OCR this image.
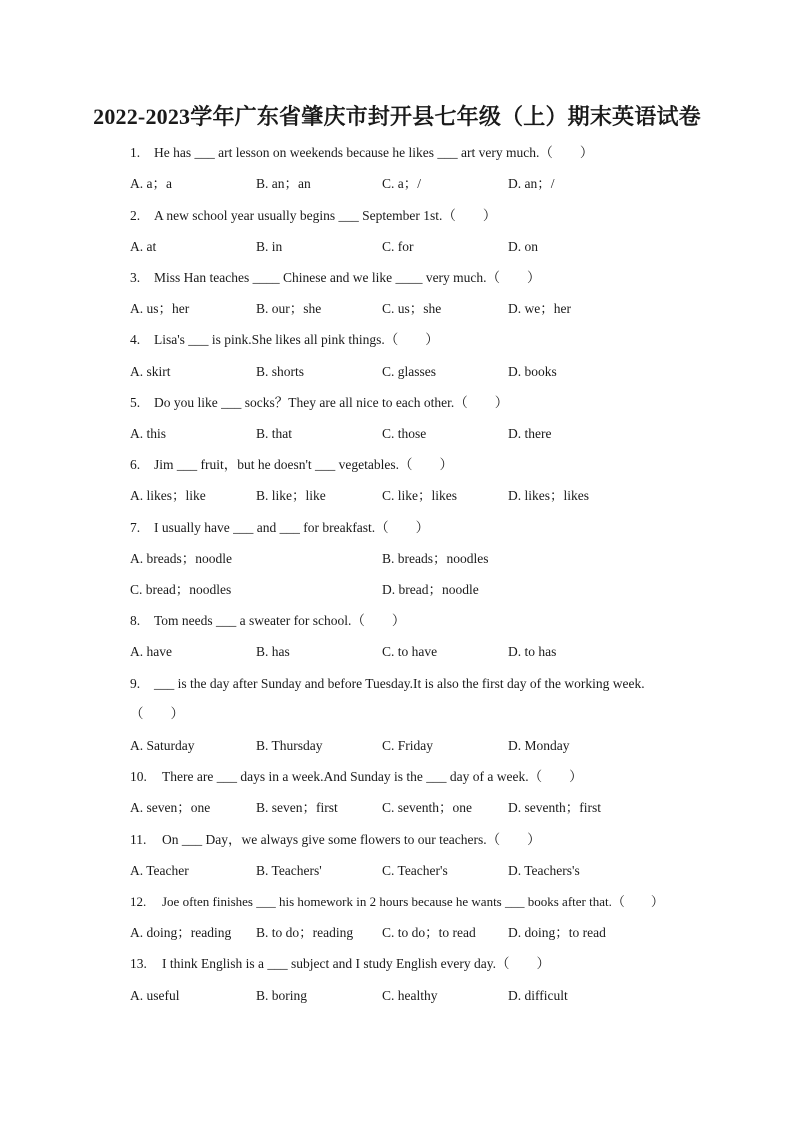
2022-2023学年广东省肇庆市封开县七年级（上）期末英语试卷
1. He has ___ art lesson on weekends because he likes ___ art very much.（　　）
A. a；a	B. an；an	C. a；/	D. an；/
2. A new school year usually begins ___ September 1st.（　　）
A. at	B. in	C. for	D. on
3. Miss Han teaches ____ Chinese and we like ____ very much.（　　）
A. us；her	B. our；she	C. us；she	D. we；her
4. Lisa's ___ is pink.She likes all pink things.（　　）
A. skirt	B. shorts	C. glasses	D. books
5. Do you like ___ socks？They are all nice to each other.（　　）
A. this	B. that	C. those	D. there
6. Jim ___ fruit，but he doesn't ___ vegetables.（　　）
A. likes；like	B. like；like	C. like；likes	D. likes；likes
7. I usually have ___ and ___ for breakfast.（　　）
A. breads；noodle	B. breads；noodles
C. bread；noodles	D. bread；noodle
8. Tom needs ___ a sweater for school.（　　）
A. have	B. has	C. to have	D. to has
9. ___ is the day after Sunday and before Tuesday.It is also the first day of the working week.
（　　）
A. Saturday	B. Thursday	C. Friday	D. Monday
10. There are ___ days in a week.And Sunday is the ___ day of a week.（　　）
A. seven；one	B. seven；first	C. seventh；one	D. seventh；first
11. On ___ Day，we always give some flowers to our teachers.（　　）
A. Teacher	B. Teachers'	C. Teacher's	D. Teachers's
12. Joe often finishes ___ his homework in 2 hours because he wants ___ books after that.（　　）
A. doing；reading B. to do；reading C. to do；to read D. doing；to read
13. I think English is a ___ subject and I study English every day.（　　）
A. useful	B. boring	C. healthy	D. difficult
